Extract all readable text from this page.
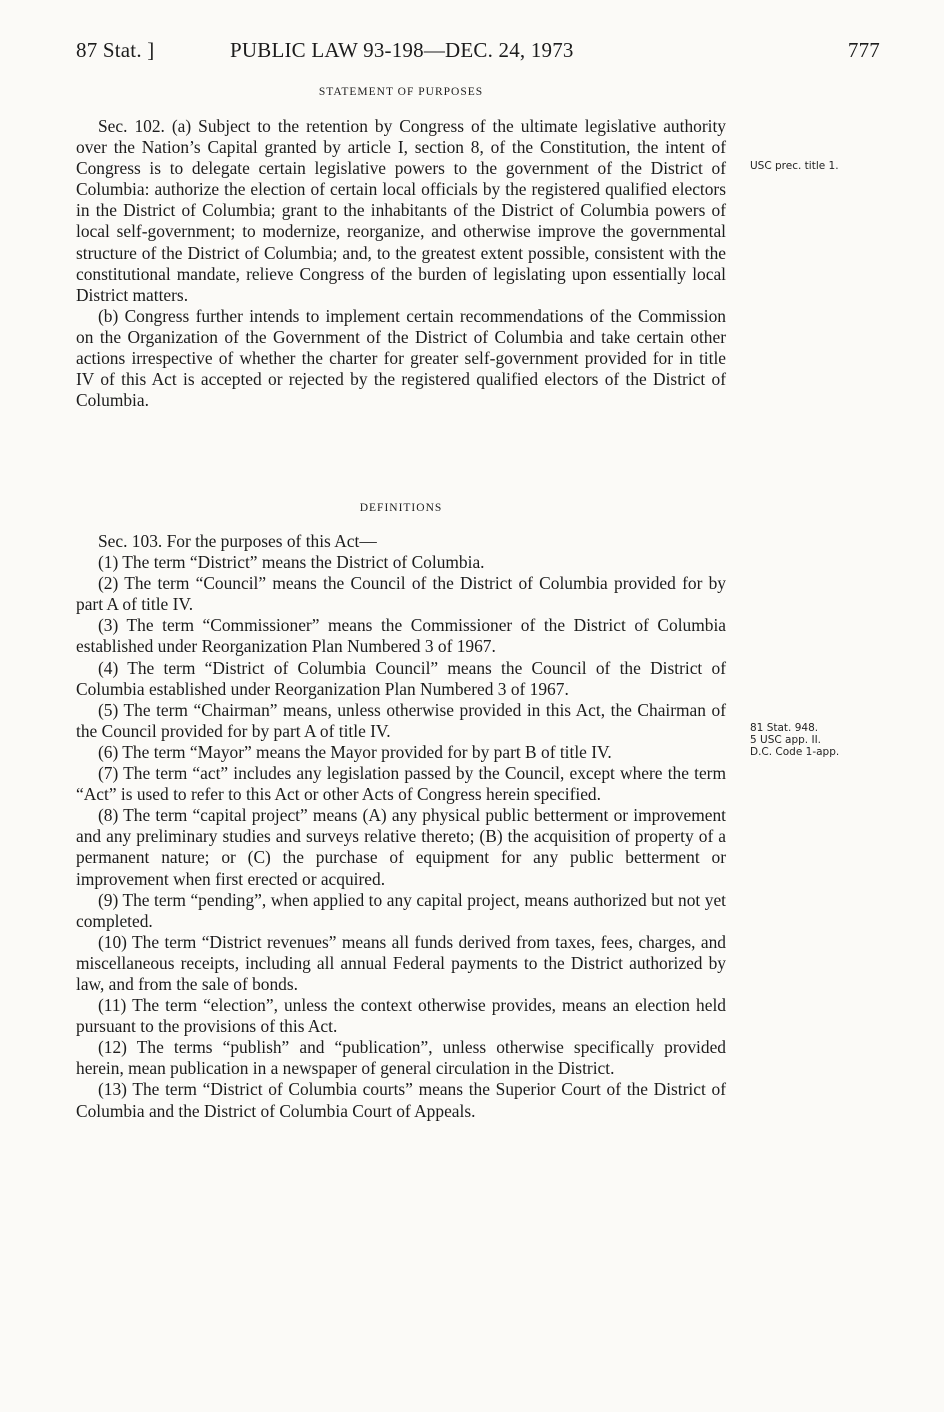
87 Stat. ]	PUBLIC LAW 93-198—DEC. 24, 1973	777
STATEMENT OF PURPOSES

Sec. 102. (a) Subject to the retention by Congress of the ultimate legislative authority over the Nation’s Capital granted by article I, section 8, of the Constitution, the intent of Congress is to delegate certain legislative powers to the government of the District of Columbia: authorize the election of certain local officials by the registered qualified electors in the District of Columbia; grant to the inhabitants of the District of Columbia powers of local self-government; to modernize, reorganize, and otherwise improve the governmental structure of the District of Columbia; and, to the greatest extent possible, consistent with the constitutional mandate, relieve Congress of the burden of legislating upon essentially local District matters.

(b) Congress further intends to implement certain recommendations of the Commission on the Organization of the Government of the District of Columbia and take certain other actions irrespective of whether the charter for greater self-government provided for in title IV of this Act is accepted or rejected by the registered qualified electors of the District of Columbia.

DEFINITIONS

Sec. 103. For the purposes of this Act—

(1) The term “District” means the District of Columbia.

(2) The term “Council” means the Council of the District of Columbia provided for by part A of title IV.

(3) The term “Commissioner” means the Commissioner of the District of Columbia established under Reorganization Plan Numbered 3 of 1967.

(4) The term “District of Columbia Council” means the Council of the District of Columbia established under Reorganization Plan Numbered 3 of 1967.

(5) The term “Chairman” means, unless otherwise provided in this Act, the Chairman of the Council provided for by part A of title IV.

(6) The term “Mayor” means the Mayor provided for by part B of title IV.

(7) The term “act” includes any legislation passed by the Council, except where the term “Act” is used to refer to this Act or other Acts of Congress herein specified.

(8) The term “capital project” means (A) any physical public betterment or improvement and any preliminary studies and surveys relative thereto; (B) the acquisition of property of a permanent nature; or (C) the purchase of equipment for any public betterment or improvement when first erected or acquired.

(9) The term “pending”, when applied to any capital project, means authorized but not yet completed.

(10) The term “District revenues” means all funds derived from taxes, fees, charges, and miscellaneous receipts, including all annual Federal payments to the District authorized by law, and from the sale of bonds.

(11) The term “election”, unless the context otherwise provides, means an election held pursuant to the provisions of this Act.

(12) The terms “publish” and “publication”, unless otherwise specifically provided herein, mean publication in a newspaper of general circulation in the District.

(13) The term “District of Columbia courts” means the Superior Court of the District of Columbia and the District of Columbia Court of Appeals.

USC prec. title 1.
81 Stat. 948.
5 USC app. II.
D.C. Code 1-app.
